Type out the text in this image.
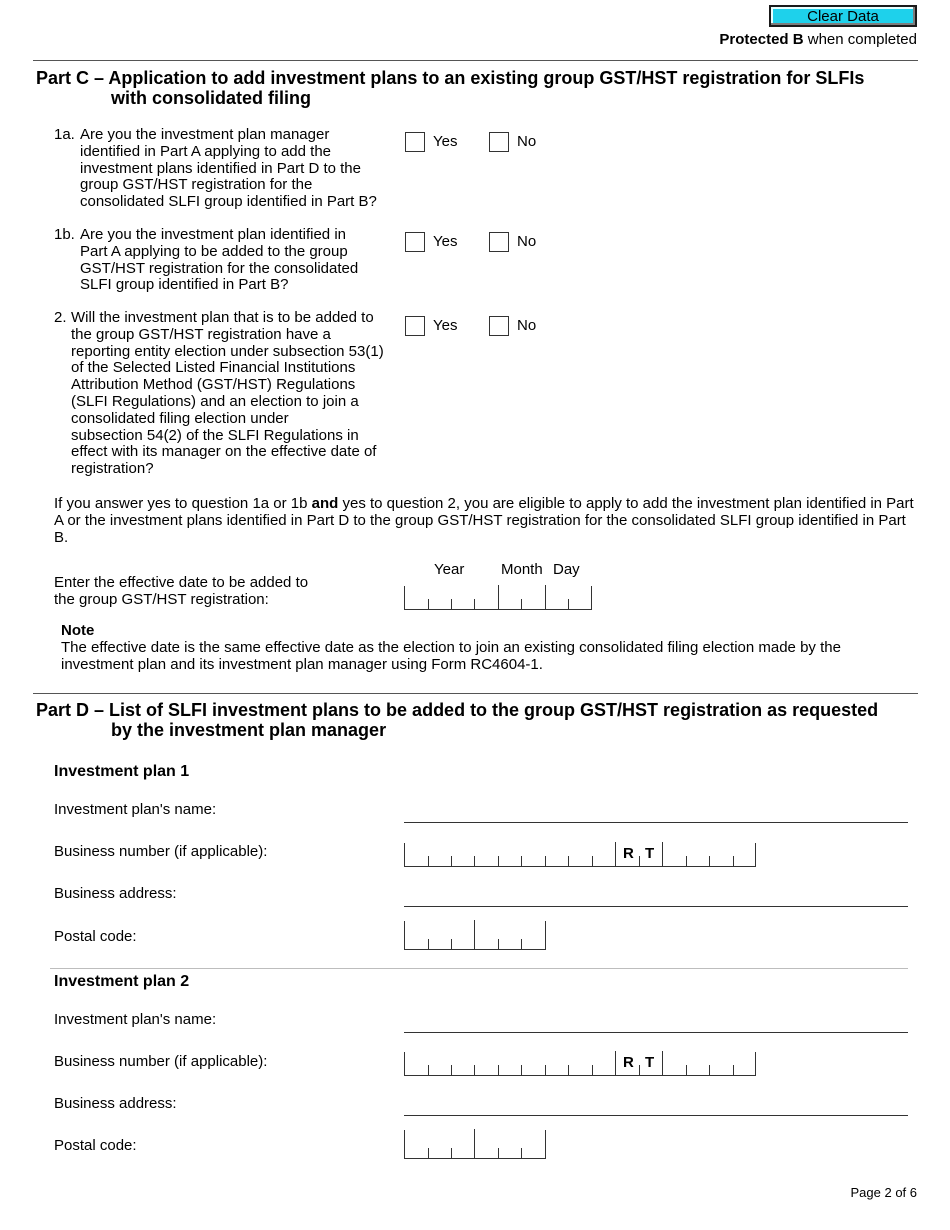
Clear Data
Protected B when completed
Part C – Application to add investment plans to an existing group GST/HST registration for SLFIs
with consolidated filing
1a. Are you the investment plan manager
identified in Part A applying to add the
investment plans identified in Part D to the
group GST/HST registration for the
consolidated SLFI group identified in Part B?
Yes	No
1b. Are you the investment plan identified in
Part A applying to be added to the group
GST/HST registration for the consolidated
SLFI group identified in Part B?
Yes	No
2. Will the investment plan that is to be added to
the group GST/HST registration have a
reporting entity election under subsection 53(1)
of the Selected Listed Financial Institutions
Attribution Method (GST/HST) Regulations
(SLFI Regulations) and an election to join a
consolidated filing election under
subsection 54(2) of the SLFI Regulations in
effect with its manager on the effective date of
registration?
Yes	No
If you answer yes to question 1a or 1b and yes to question 2, you are eligible to apply to add the investment plan identified in Part A or the investment plans identified in Part D to the group GST/HST registration for the consolidated SLFI group identified in Part B.
Year Month Day
Enter the effective date to be added to
the group GST/HST registration:
Note
The effective date is the same effective date as the election to join an existing consolidated filing election made by the
investment plan and its investment plan manager using Form RC4604-1.
Part D – List of SLFI investment plans to be added to the group GST/HST registration as requested
by the investment plan manager
Investment plan 1
Investment plan's name:
Business number (if applicable):	R T
Business address:
Postal code:
Investment plan 2
Investment plan's name:
Business number (if applicable):	R T
Business address:
Postal code:
Page 2 of 6
